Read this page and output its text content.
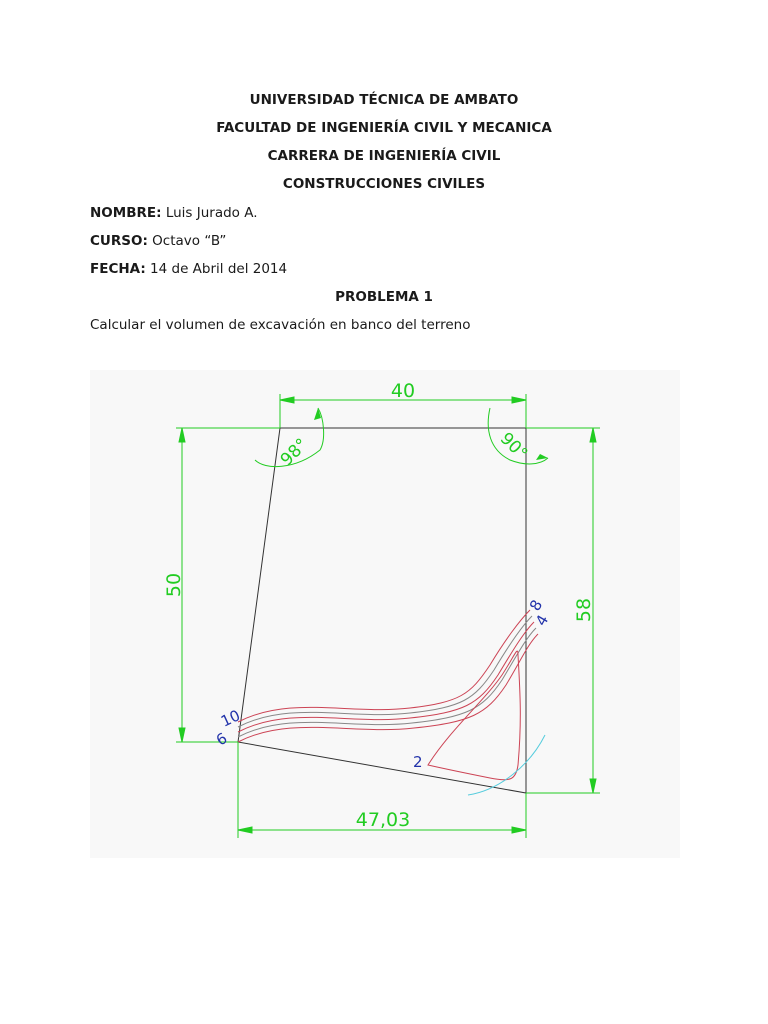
UNIVERSIDAD TÉCNICA DE AMBATO
FACULTAD DE INGENIERÍA CIVIL Y MECANICA
CARRERA DE INGENIERÍA CIVIL
CONSTRUCCIONES CIVILES
NOMBRE: Luis Jurado A.
CURSO: Octavo “B”
FECHA: 14 de Abril del 2014
PROBLEMA 1
Calcular el volumen de excavación en banco del terreno
40
50
58
47,03
98°	90°
8
4
10
6
2
